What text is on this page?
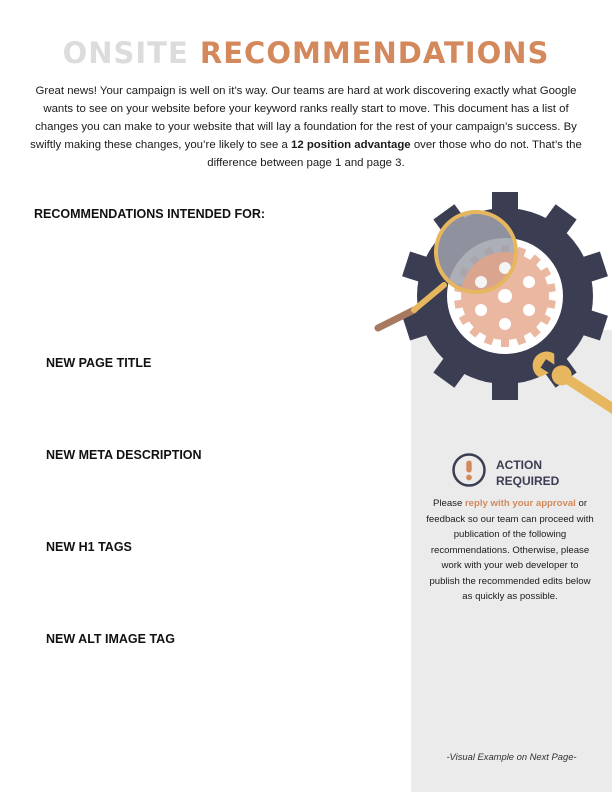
ONSITE RECOMMENDATIONS
Great news! Your campaign is well on it’s way. Our teams are hard at work discovering exactly what Google wants to see on your website before your keyword ranks really start to move. This document has a list of changes you can make to your website that will lay a foundation for the rest of your campaign’s success. By swiftly making these changes, you’re likely to see a 12 position advantage over those who do not. That’s the difference between page 1 and page 3.
RECOMMENDATIONS INTENDED FOR:
NEW PAGE TITLE
NEW META DESCRIPTION
NEW H1 TAGS
NEW ALT IMAGE TAG
ACTION
REQUIRED
Please reply with your approval or feedback so our team can proceed with publication of the following recommendations. Otherwise, please work with your web developer to publish the recommended edits below as quickly as possible.
-Visual Example on Next Page-
